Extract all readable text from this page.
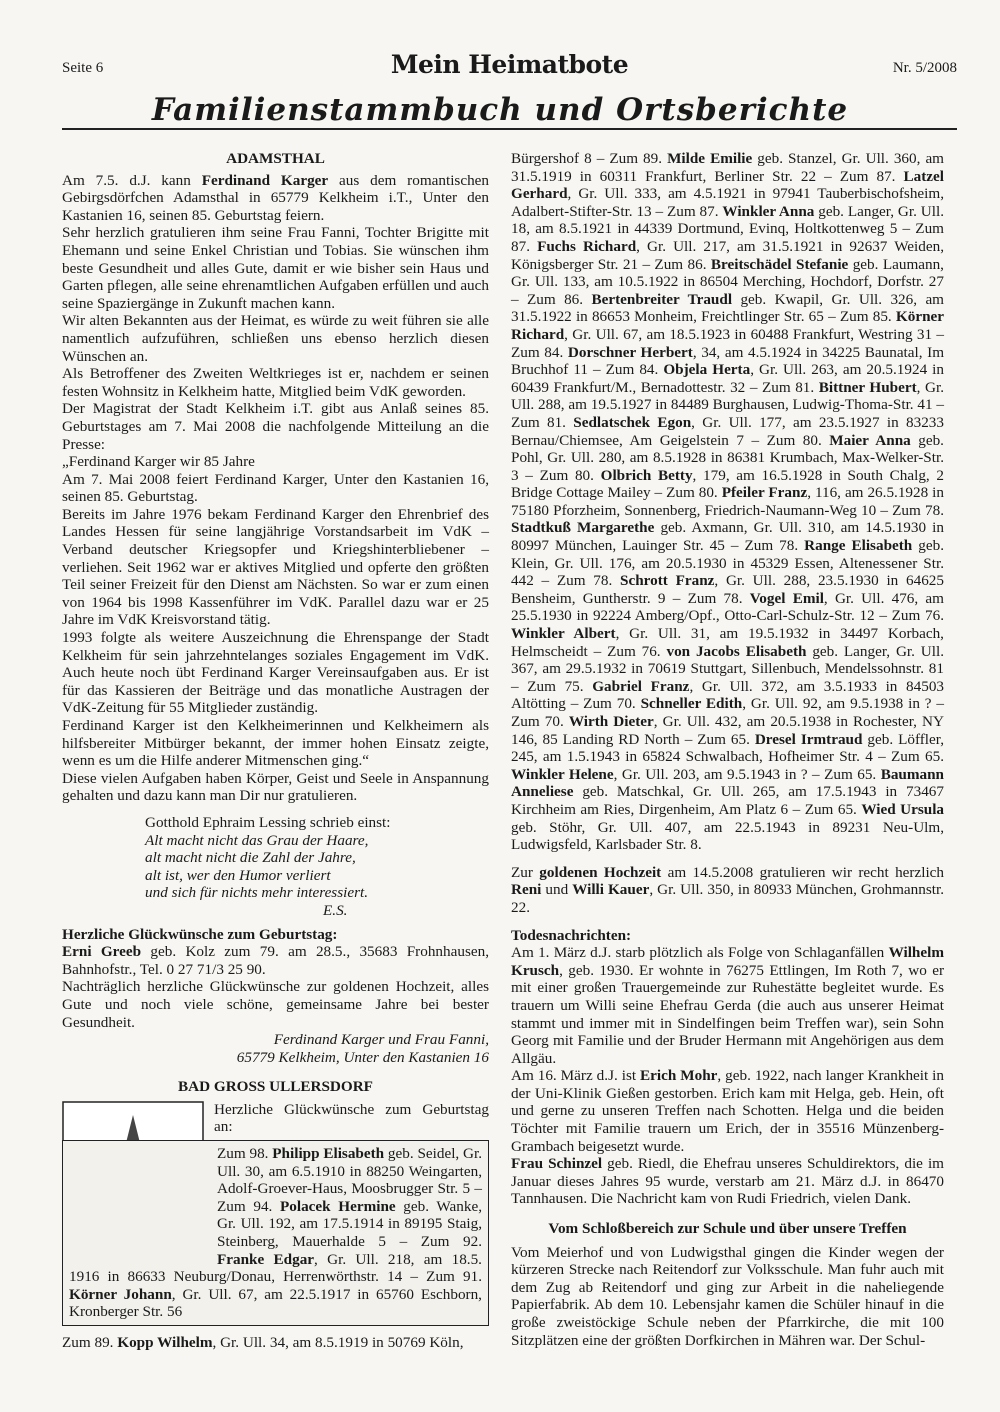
Seite 6	Mein Heimatbote	Nr. 5/2008
Familienstammbuch und Ortsberichte

ADAMSTHAL

Am 7.5. d.J. kann Ferdinand Karger aus dem romantischen Gebirgsdörfchen Adamsthal in 65779 Kelkheim i.T., Unter den Kastanien 16, seinen 85. Geburtstag feiern.

Sehr herzlich gratulieren ihm seine Frau Fanni, Tochter Brigitte mit Ehemann und seine Enkel Christian und Tobias. Sie wünschen ihm beste Gesundheit und alles Gute, damit er wie bisher sein Haus und Garten pflegen, alle seine ehrenamtlichen Aufgaben erfüllen und auch seine Spaziergänge in Zukunft machen kann.

Wir alten Bekannten aus der Heimat, es würde zu weit führen sie alle namentlich aufzuführen, schließen uns ebenso herzlich diesen Wünschen an.

Als Betroffener des Zweiten Weltkrieges ist er, nachdem er seinen festen Wohnsitz in Kelkheim hatte, Mitglied beim VdK geworden.

Der Magistrat der Stadt Kelkheim i.T. gibt aus Anlaß seines 85. Geburtstages am 7. Mai 2008 die nachfolgende Mitteilung an die Presse:

„Ferdinand Karger wir 85 Jahre

Am 7. Mai 2008 feiert Ferdinand Karger, Unter den Kastanien 16, seinen 85. Geburtstag.

Bereits im Jahre 1976 bekam Ferdinand Karger den Ehrenbrief des Landes Hessen für seine langjährige Vorstandsarbeit im VdK – Verband deutscher Kriegsopfer und Kriegshinterbliebener – verliehen. Seit 1962 war er aktives Mitglied und opferte den größten Teil seiner Freizeit für den Dienst am Nächsten. So war er zum einen von 1964 bis 1998 Kassenführer im VdK. Parallel dazu war er 25 Jahre im VdK Kreisvorstand tätig.

1993 folgte als weitere Auszeichnung die Ehrenspange der Stadt Kelkheim für sein jahrzehntelanges soziales Engagement im VdK. Auch heute noch übt Ferdinand Karger Vereinsaufgaben aus. Er ist für das Kassieren der Beiträge und das monatliche Austragen der VdK-Zeitung für 55 Mitglieder zuständig.

Ferdinand Karger ist den Kelkheimerinnen und Kelkheimern als hilfsbereiter Mitbürger bekannt, der immer hohen Einsatz zeigte, wenn es um die Hilfe anderer Mitmenschen ging.“

Diese vielen Aufgaben haben Körper, Geist und Seele in Anspannung gehalten und dazu kann man Dir nur gratulieren.

Gotthold Ephraim Lessing schrieb einst:
Alt macht nicht das Grau der Haare,
alt macht nicht die Zahl der Jahre,
alt ist, wer den Humor verliert
und sich für nichts mehr interessiert.
E.S.

Herzliche Glückwünsche zum Geburtstag:

Erni Greeb geb. Kolz zum 79. am 28.5., 35683 Frohnhausen, Bahnhofstr., Tel. 0 27 71/3 25 90.

Nachträglich herzliche Glückwünsche zur goldenen Hochzeit, alles Gute und noch viele schöne, gemeinsame Jahre bei bester Gesundheit.

Ferdinand Karger und Frau Fanni,

65779 Kelkheim, Unter den Kastanien 16

BAD GROSS ULLERSDORF

Herzliche Glückwünsche zum Geburtstag an:
Zum 98. Philipp Elisabeth geb. Seidel, Gr. Ull. 30, am 6.5.1910 in 88250 Weingarten, Adolf-Groever-Haus, Moosbrugger Str. 5 – Zum 94. Polacek Hermine geb. Wanke, Gr. Ull. 192, am 17.5.1914 in 89195 Staig, Steinberg, Mauerhalde 5 – Zum 92. Franke Edgar, Gr. Ull. 218, am 18.5. 1916 in 86633 Neuburg/Donau, Herrenwörthstr. 14 – Zum 91. Körner Johann, Gr. Ull. 67, am 22.5.1917 in 65760 Eschborn, Kronberger Str. 56

Zum 89. Kopp Wilhelm, Gr. Ull. 34, am 8.5.1919 in 50769 Köln,

Bürgershof 8 – Zum 89. Milde Emilie geb. Stanzel, Gr. Ull. 360, am 31.5.1919 in 60311 Frankfurt, Berliner Str. 22 – Zum 87. Latzel Gerhard, Gr. Ull. 333, am 4.5.1921 in 97941 Tauberbischofsheim, Adalbert-Stifter-Str. 13 – Zum 87. Winkler Anna geb. Langer, Gr. Ull. 18, am 8.5.1921 in 44339 Dortmund, Evinq, Holtkottenweg 5 – Zum 87. Fuchs Richard, Gr. Ull. 217, am 31.5.1921 in 92637 Weiden, Königsberger Str. 21 – Zum 86. Breitschädel Stefanie geb. Laumann, Gr. Ull. 133, am 10.5.1922 in 86504 Merching, Hochdorf, Dorfstr. 27 – Zum 86. Bertenbreiter Traudl geb. Kwapil, Gr. Ull. 326, am 31.5.1922 in 86653 Monheim, Freichtlinger Str. 65 – Zum 85. Körner Richard, Gr. Ull. 67, am 18.5.1923 in 60488 Frankfurt, Westring 31 – Zum 84. Dorschner Herbert, 34, am 4.5.1924 in 34225 Baunatal, Im Bruchhof 11 – Zum 84. Objela Herta, Gr. Ull. 263, am 20.5.1924 in 60439 Frankfurt/M., Bernadottestr. 32 – Zum 81. Bittner Hubert, Gr. Ull. 288, am 19.5.1927 in 84489 Burghausen, Ludwig-Thoma-Str. 41 – Zum 81. Sedlatschek Egon, Gr. Ull. 177, am 23.5.1927 in 83233 Bernau/Chiemsee, Am Geigelstein 7 – Zum 80. Maier Anna geb. Pohl, Gr. Ull. 280, am 8.5.1928 in 86381 Krumbach, Max-Welker-Str. 3 – Zum 80. Olbrich Betty, 179, am 16.5.1928 in South Chalg, 2 Bridge Cottage Mailey – Zum 80. Pfeiler Franz, 116, am 26.5.1928 in 75180 Pforzheim, Sonnenberg, Friedrich-Naumann-Weg 10 – Zum 78. Stadtkuß Margarethe geb. Axmann, Gr. Ull. 310, am 14.5.1930 in 80997 München, Lauinger Str. 45 – Zum 78. Range Elisabeth geb. Klein, Gr. Ull. 176, am 20.5.1930 in 45329 Essen, Altenessener Str. 442 – Zum 78. Schrott Franz, Gr. Ull. 288, 23.5.1930 in 64625 Bensheim, Guntherstr. 9 – Zum 78. Vogel Emil, Gr. Ull. 476, am 25.5.1930 in 92224 Amberg/Opf., Otto-Carl-Schulz-Str. 12 – Zum 76. Winkler Albert, Gr. Ull. 31, am 19.5.1932 in 34497 Korbach, Helmscheidt – Zum 76. von Jacobs Elisabeth geb. Langer, Gr. Ull. 367, am 29.5.1932 in 70619 Stuttgart, Sillenbuch, Mendelssohnstr. 81 – Zum 75. Gabriel Franz, Gr. Ull. 372, am 3.5.1933 in 84503 Altötting – Zum 70. Schneller Edith, Gr. Ull. 92, am 9.5.1938 in ? – Zum 70. Wirth Dieter, Gr. Ull. 432, am 20.5.1938 in Rochester, NY 146, 85 Landing RD North – Zum 65. Dresel Irmtraud geb. Löffler, 245, am 1.5.1943 in 65824 Schwalbach, Hofheimer Str. 4 – Zum 65. Winkler Helene, Gr. Ull. 203, am 9.5.1943 in ? – Zum 65. Baumann Anneliese geb. Matschkal, Gr. Ull. 265, am 17.5.1943 in 73467 Kirchheim am Ries, Dirgenheim, Am Platz 6 – Zum 65. Wied Ursula geb. Stöhr, Gr. Ull. 407, am 22.5.1943 in 89231 Neu-Ulm, Ludwigsfeld, Karlsbader Str. 8.

Zur goldenen Hochzeit am 14.5.2008 gratulieren wir recht herzlich Reni und Willi Kauer, Gr. Ull. 350, in 80933 München, Grohmannstr. 22.

Todesnachrichten:

Am 1. März d.J. starb plötzlich als Folge von Schlaganfällen Wilhelm Krusch, geb. 1930. Er wohnte in 76275 Ettlingen, Im Roth 7, wo er mit einer großen Trauergemeinde zur Ruhestätte begleitet wurde. Es trauern um Willi seine Ehefrau Gerda (die auch aus unserer Heimat stammt und immer mit in Sindelfingen beim Treffen war), sein Sohn Georg mit Familie und der Bruder Hermann mit Angehörigen aus dem Allgäu.

Am 16. März d.J. ist Erich Mohr, geb. 1922, nach langer Krankheit in der Uni-Klinik Gießen gestorben. Erich kam mit Helga, geb. Hein, oft und gerne zu unseren Treffen nach Schotten. Helga und die beiden Töchter mit Familie trauern um Erich, der in 35516 Münzenberg-Grambach beigesetzt wurde.

Frau Schinzel geb. Riedl, die Ehefrau unseres Schuldirektors, die im Januar dieses Jahres 95 wurde, verstarb am 21. März d.J. in 86470 Tannhausen. Die Nachricht kam von Rudi Friedrich, vielen Dank.

Vom Schloßbereich zur Schule und über unsere Treffen

Vom Meierhof und von Ludwigsthal gingen die Kinder wegen der kürzeren Strecke nach Reitendorf zur Volksschule. Man fuhr auch mit dem Zug ab Reitendorf und ging zur Arbeit in die naheliegende Papierfabrik. Ab dem 10. Lebensjahr kamen die Schüler hinauf in die große zweistöckige Schule neben der Pfarrkirche, die mit 100 Sitzplätzen eine der größten Dorfkirchen in Mähren war. Der Schul-
